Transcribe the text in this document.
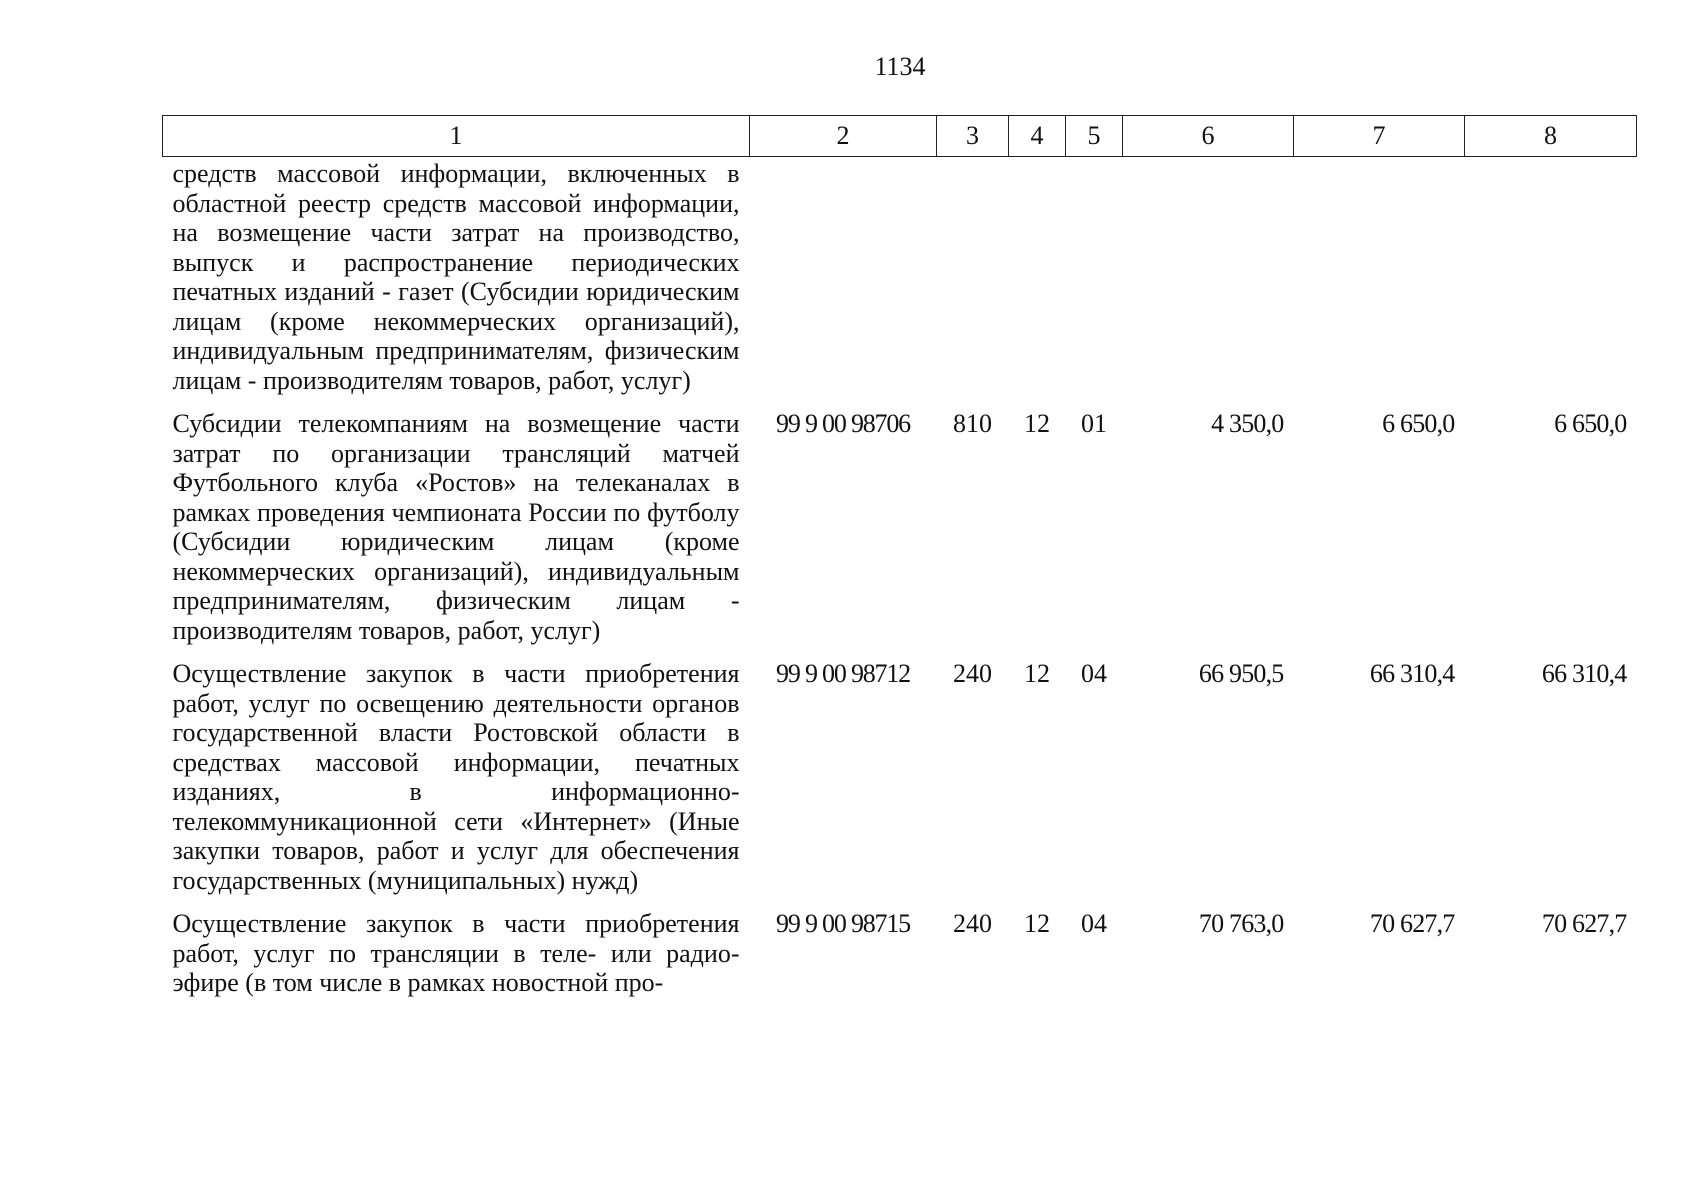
1134
1	2	3	4	5	6	7	8
средств массовой информации, включенных в областной реестр средств массовой информации, на возмещение части затрат на производство, выпуск и распространение периодических печатных изданий - газет (Субсидии юридическим лицам (кроме некоммерческих организаций), индивидуальным предпринимателям, физическим лицам - производителям товаров, работ, услуг)							
Субсидии телекомпаниям на возмещение части затрат по организации трансляций матчей Футбольного клуба «Ростов» на телеканалах в рамках проведения чемпионата России по футболу (Субсидии юридическим лицам (кроме некоммерческих организаций), индивидуальным предпринимателям, физическим лицам - производителям товаров, работ, услуг)	99 9 00 98706	810	12	01	4 350,0	6 650,0	6 650,0
Осуществление закупок в части приобретения работ, услуг по освещению деятельности органов государственной власти Ростовской области в средствах массовой информации, печатных изданиях, в информационно-телекоммуникационной сети «Интернет» (Иные закупки товаров, работ и услуг для обеспечения государственных (муниципальных) нужд)	99 9 00 98712	240	12	04	66 950,5	66 310,4	66 310,4
Осуществление закупок в части приобретения работ, услуг по трансляции в теле- или радиоэфире (в том числе в рамках новостной про-	99 9 00 98715	240	12	04	70 763,0	70 627,7	70 627,7
